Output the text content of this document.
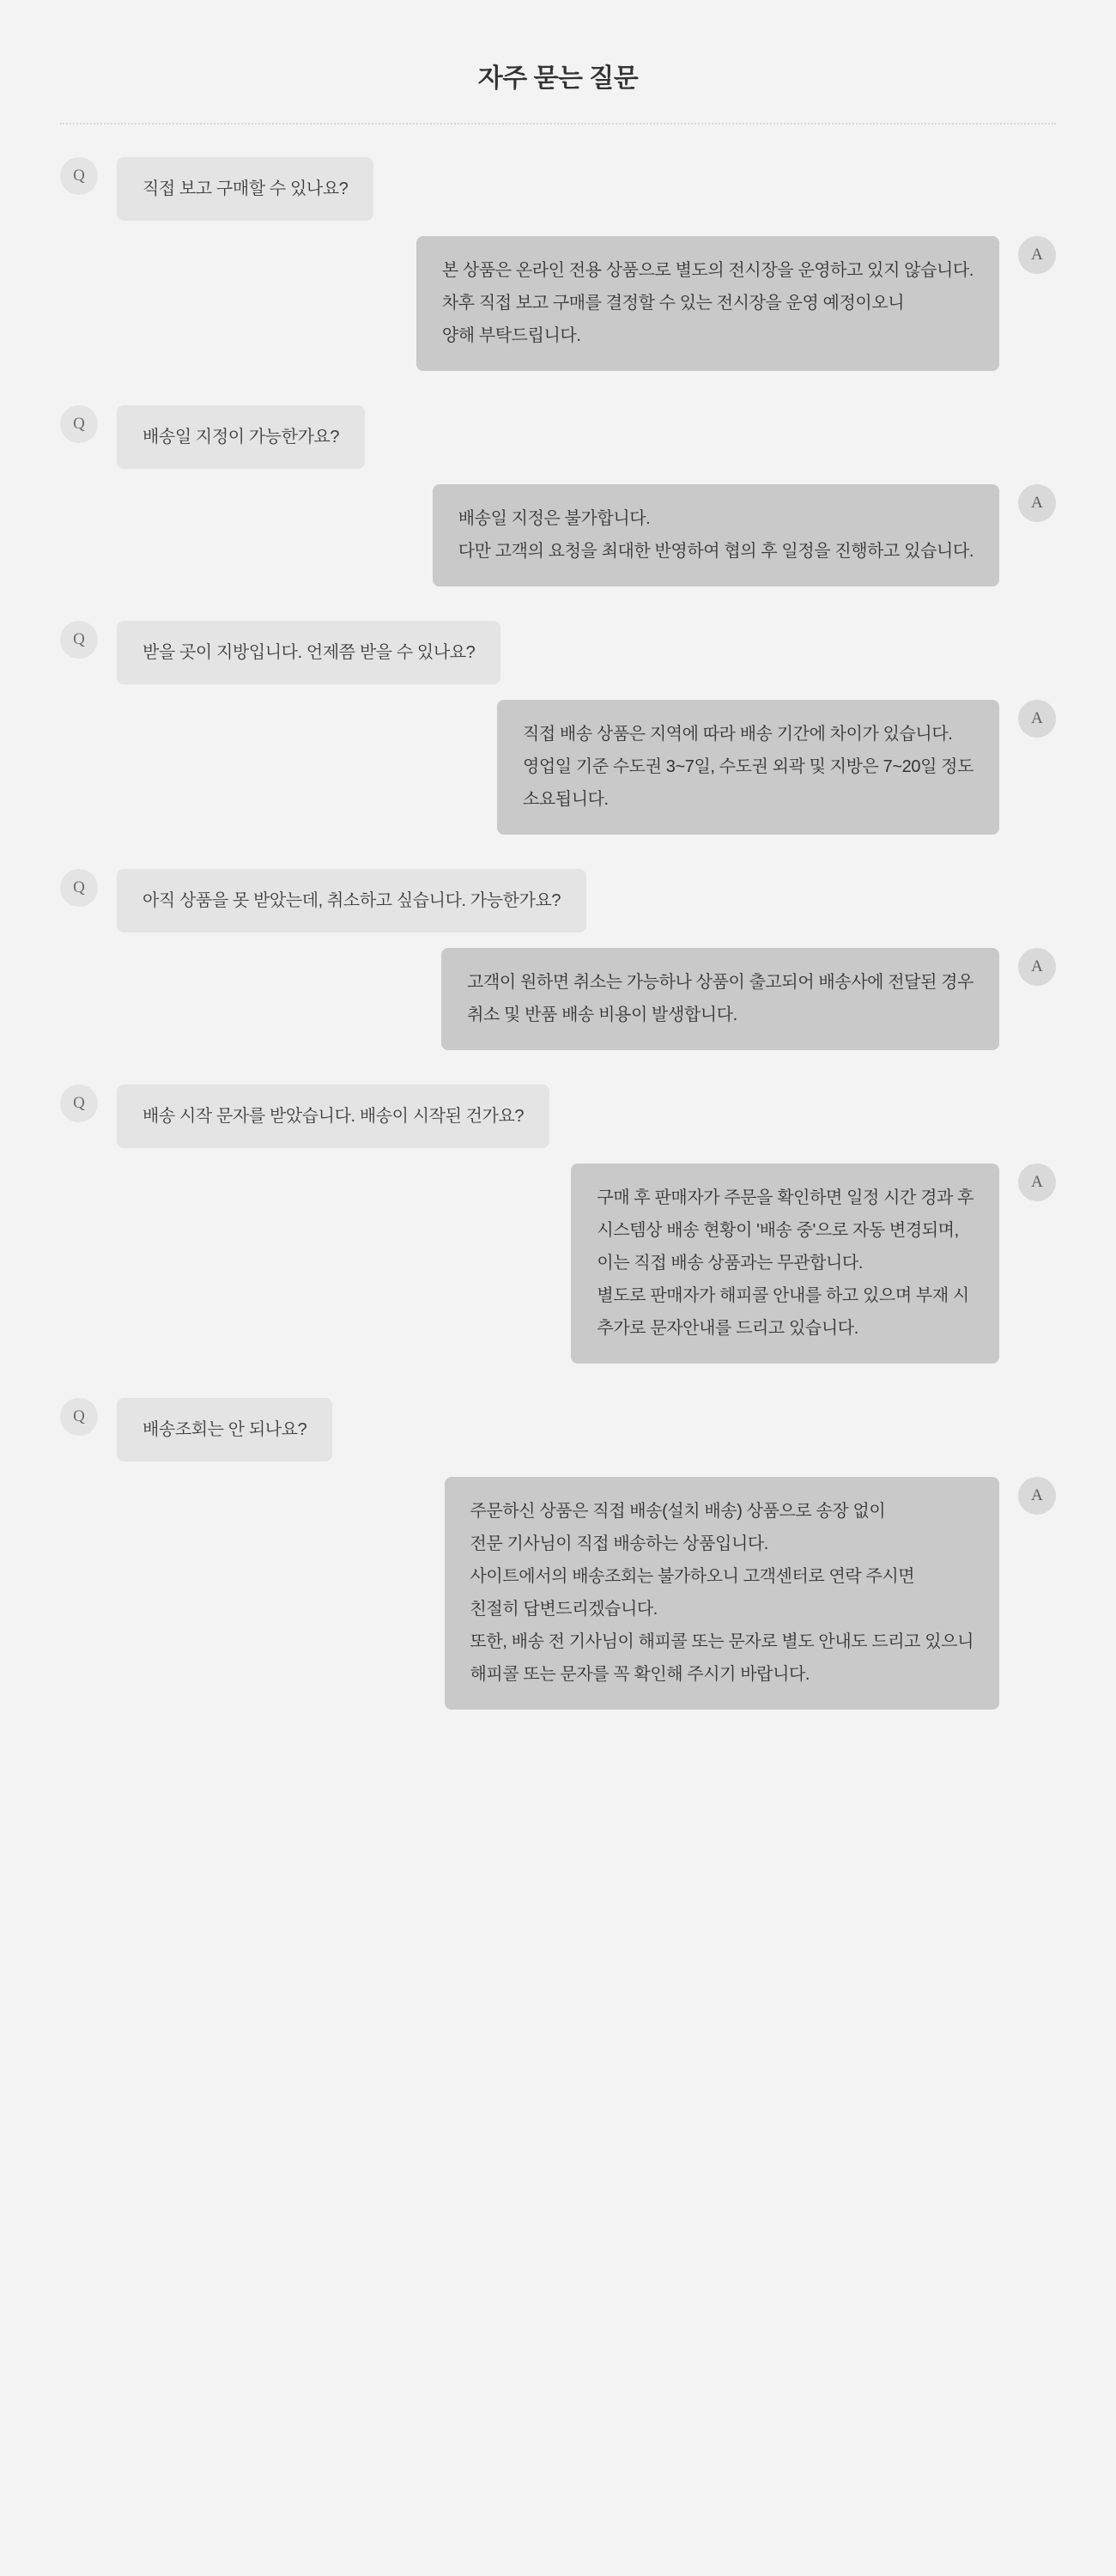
자주 묻는 질문
Q
직접 보고 구매할 수 있나요?
본 상품은 온라인 전용 상품으로 별도의 전시장을 운영하고 있지 않습니다.
차후 직접 보고 구매를 결정할 수 있는 전시장을 운영 예정이오니
양해 부탁드립니다.
A
Q
배송일 지정이 가능한가요?
배송일 지정은 불가합니다.
다만 고객의 요청을 최대한 반영하여 협의 후 일정을 진행하고 있습니다.
A
Q
받을 곳이 지방입니다. 언제쯤 받을 수 있나요?
직접 배송 상품은 지역에 따라 배송 기간에 차이가 있습니다.
영업일 기준 수도권 3~7일, 수도권 외곽 및 지방은 7~20일 정도
소요됩니다.
A
Q
아직 상품을 못 받았는데, 취소하고 싶습니다. 가능한가요?
고객이 원하면 취소는 가능하나 상품이 출고되어 배송사에 전달된 경우
취소 및 반품 배송 비용이 발생합니다.
A
Q
배송 시작 문자를 받았습니다. 배송이 시작된 건가요?
구매 후 판매자가 주문을 확인하면 일정 시간 경과 후
시스템상 배송 현황이 '배송 중'으로 자동 변경되며,
이는 직접 배송 상품과는 무관합니다.
별도로 판매자가 해피콜 안내를 하고 있으며 부재 시
추가로 문자안내를 드리고 있습니다.
A
Q
배송조회는 안 되나요?
주문하신 상품은 직접 배송(설치 배송) 상품으로 송장 없이
전문 기사님이 직접 배송하는 상품입니다.
사이트에서의 배송조회는 불가하오니 고객센터로 연락 주시면
친절히 답변드리겠습니다.
또한, 배송 전 기사님이 해피콜 또는 문자로 별도 안내도 드리고 있으니
해피콜 또는 문자를 꼭 확인해 주시기 바랍니다.
A
